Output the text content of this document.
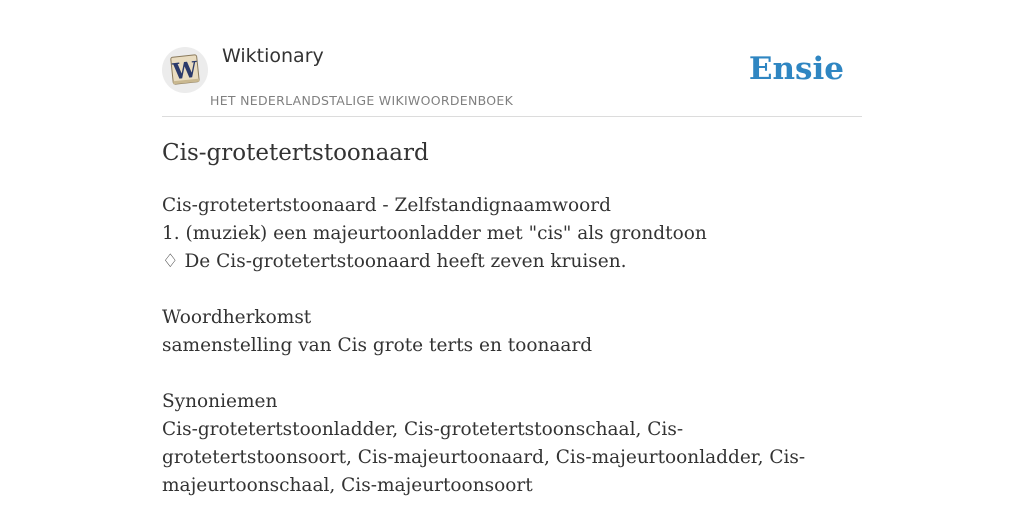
W
Wiktionary
HET NEDERLANDSTALIGE WIKIWOORDENBOEK
Ensie
Cis-grotetertstoonaard
Cis-grotetertstoonaard - Zelfstandignaamwoord
1. (muziek) een majeurtoonladder met "cis" als grondtoon
♢ De Cis-grotetertstoonaard heeft zeven kruisen.
Woordherkomst
samenstelling van Cis grote terts en toonaard
Synoniemen
Cis-grotetertstoonladder, Cis-grotetertstoonschaal, Cis-grotetertstoonsoort, Cis-majeurtoonaard, Cis-majeurtoonladder, Cis-majeurtoonschaal, Cis-majeurtoonsoort
